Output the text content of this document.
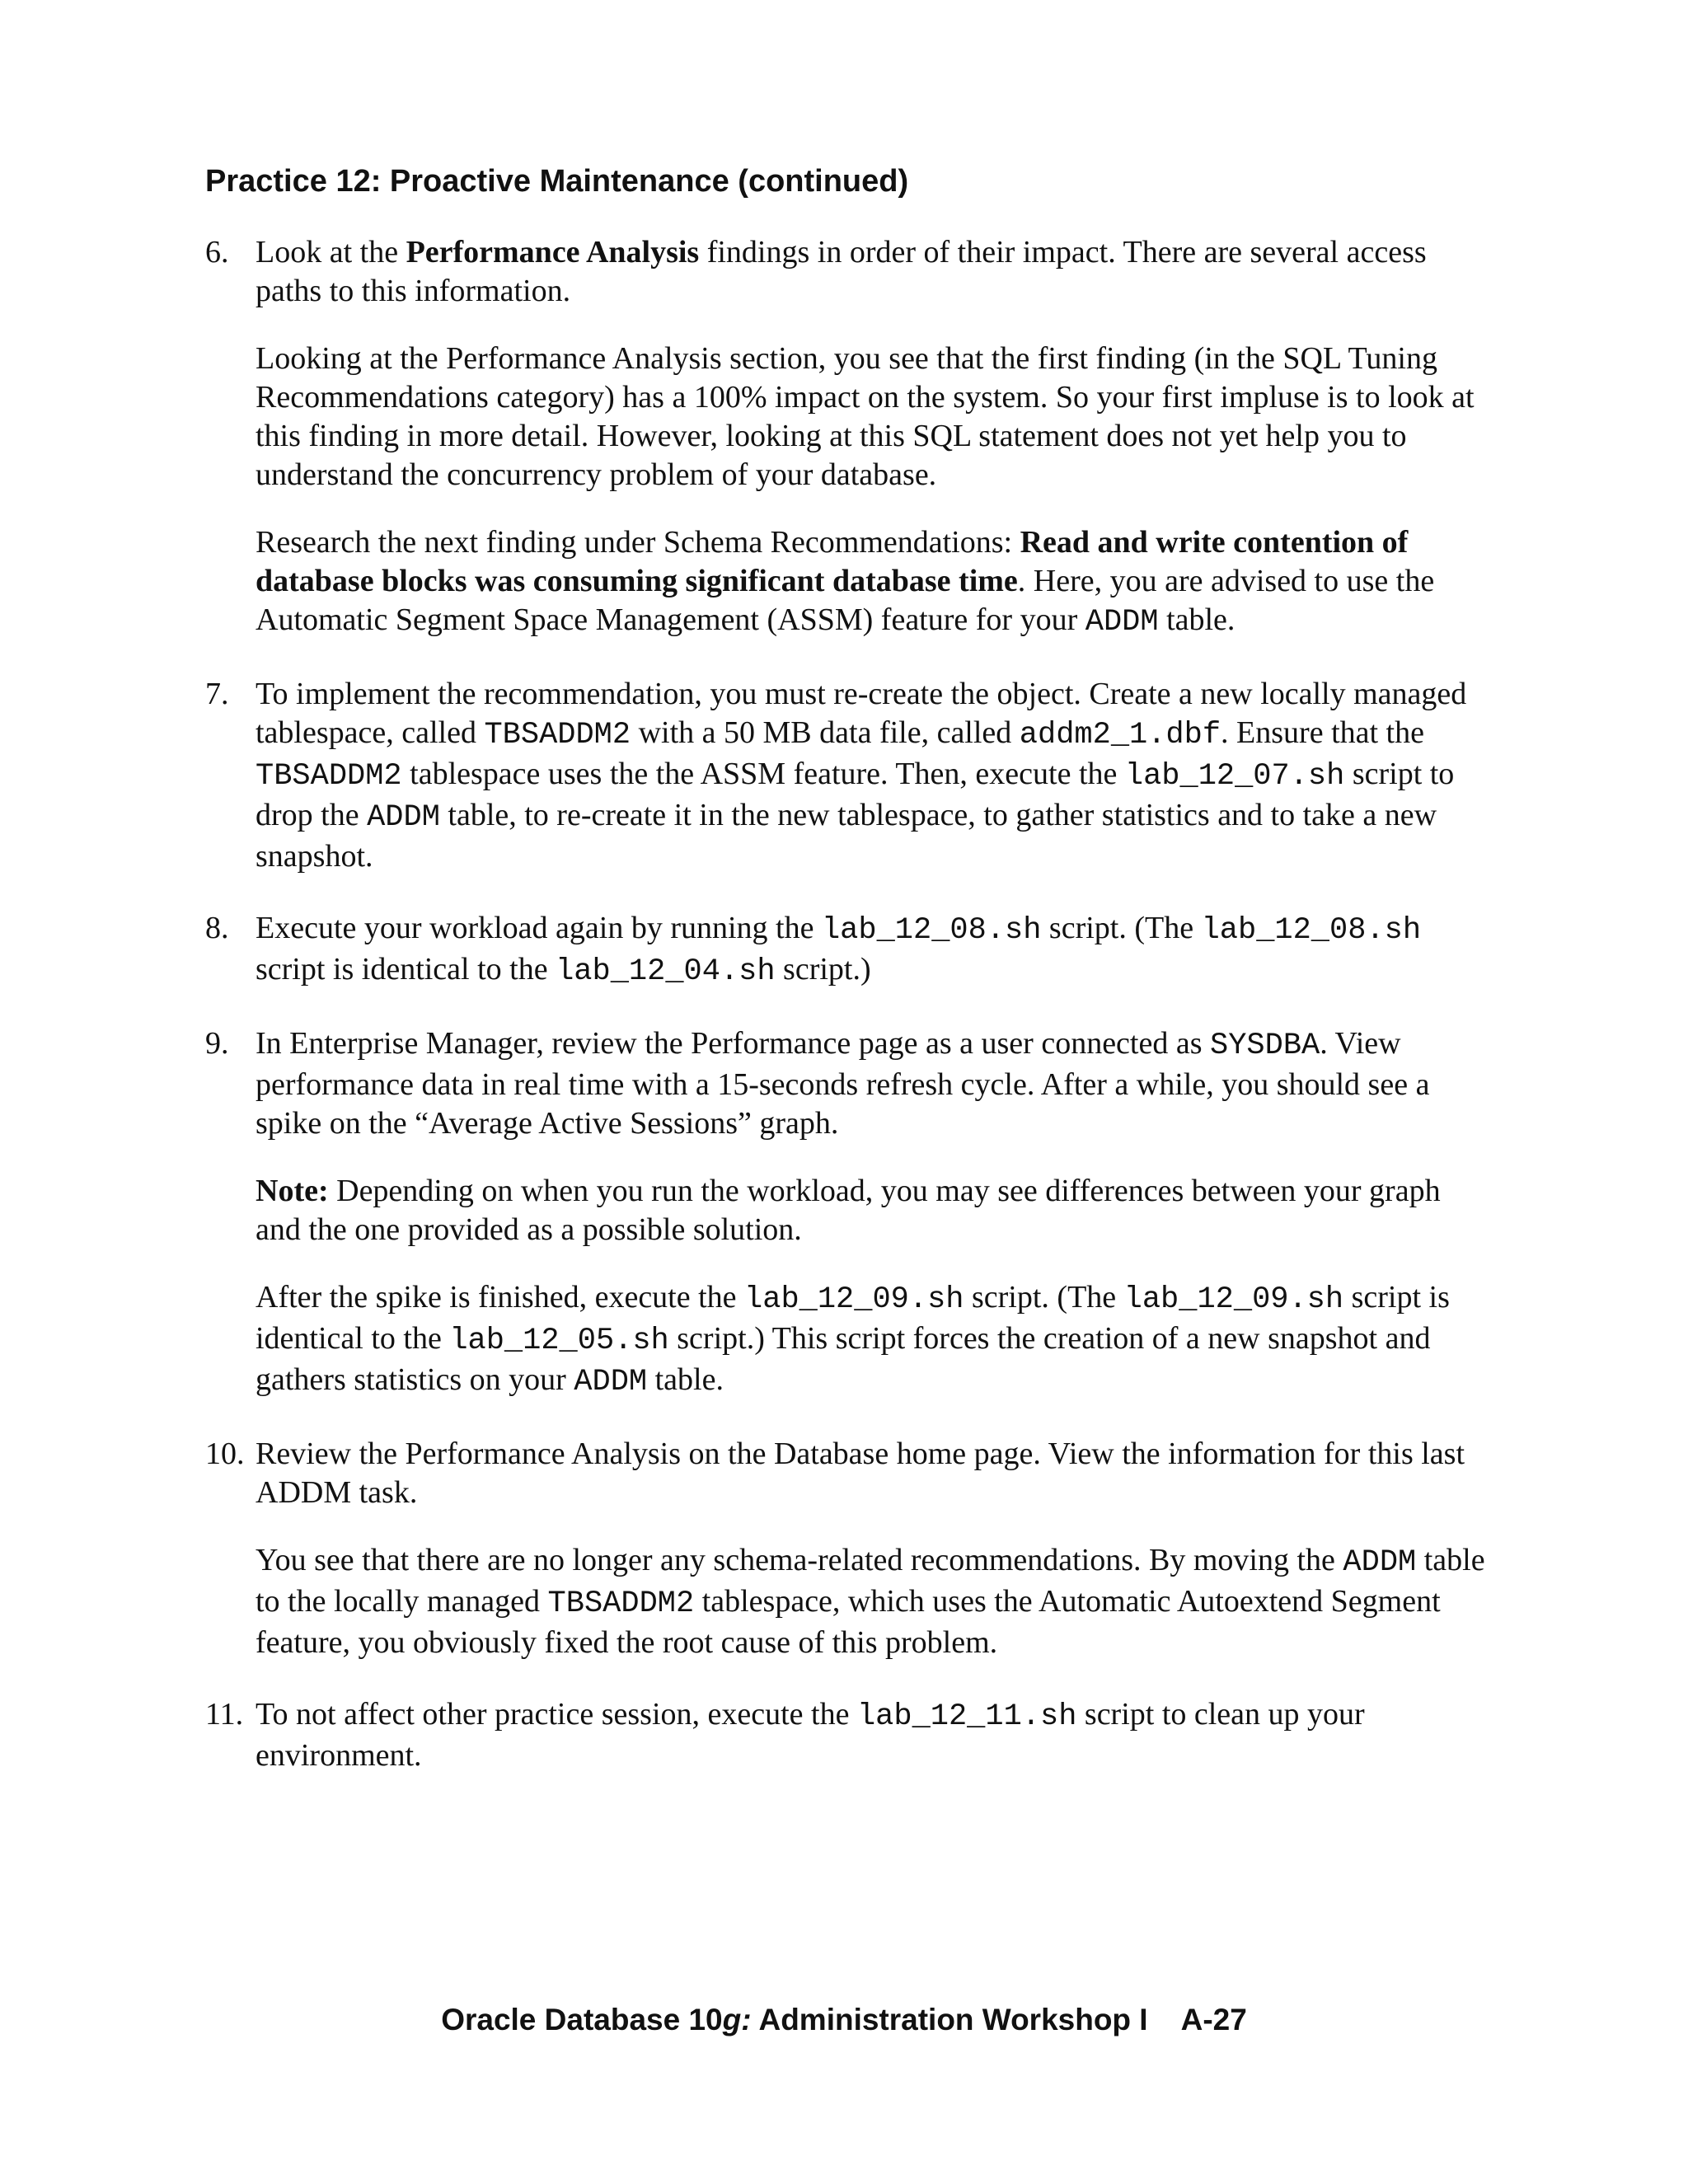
Practice 12: Proactive Maintenance (continued)
6. Look at the Performance Analysis findings in order of their impact. There are several access paths to this information.

Looking at the Performance Analysis section, you see that the first finding (in the SQL Tuning Recommendations category) has a 100% impact on the system. So your first impluse is to look at this finding in more detail. However, looking at this SQL statement does not yet help you to understand the concurrency problem of your database.

Research the next finding under Schema Recommendations: Read and write contention of database blocks was consuming significant database time. Here, you are advised to use the Automatic Segment Space Management (ASSM) feature for your ADDM table.

7. To implement the recommendation, you must re-create the object. Create a new locally managed tablespace, called TBSADDM2 with a 50 MB data file, called addm2_1.dbf. Ensure that the TBSADDM2 tablespace uses the the ASSM feature. Then, execute the lab_12_07.sh script to drop the ADDM table, to re-create it in the new tablespace, to gather statistics and to take a new snapshot.

8. Execute your workload again by running the lab_12_08.sh script. (The lab_12_08.sh script is identical to the lab_12_04.sh script.)

9. In Enterprise Manager, review the Performance page as a user connected as SYSDBA. View performance data in real time with a 15-seconds refresh cycle. After a while, you should see a spike on the “Average Active Sessions” graph.

Note: Depending on when you run the workload, you may see differences between your graph and the one provided as a possible solution.

After the spike is finished, execute the lab_12_09.sh script. (The lab_12_09.sh script is identical to the lab_12_05.sh script.) This script forces the creation of a new snapshot and gathers statistics on your ADDM table.

10. Review the Performance Analysis on the Database home page. View the information for this last ADDM task.

You see that there are no longer any schema-related recommendations. By moving the ADDM table to the locally managed TBSADDM2 tablespace, which uses the Automatic Autoextend Segment feature, you obviously fixed the root cause of this problem.

11. To not affect other practice session, execute the lab_12_11.sh script to clean up your environment.

Oracle Database 10g: Administration Workshop I A-27
